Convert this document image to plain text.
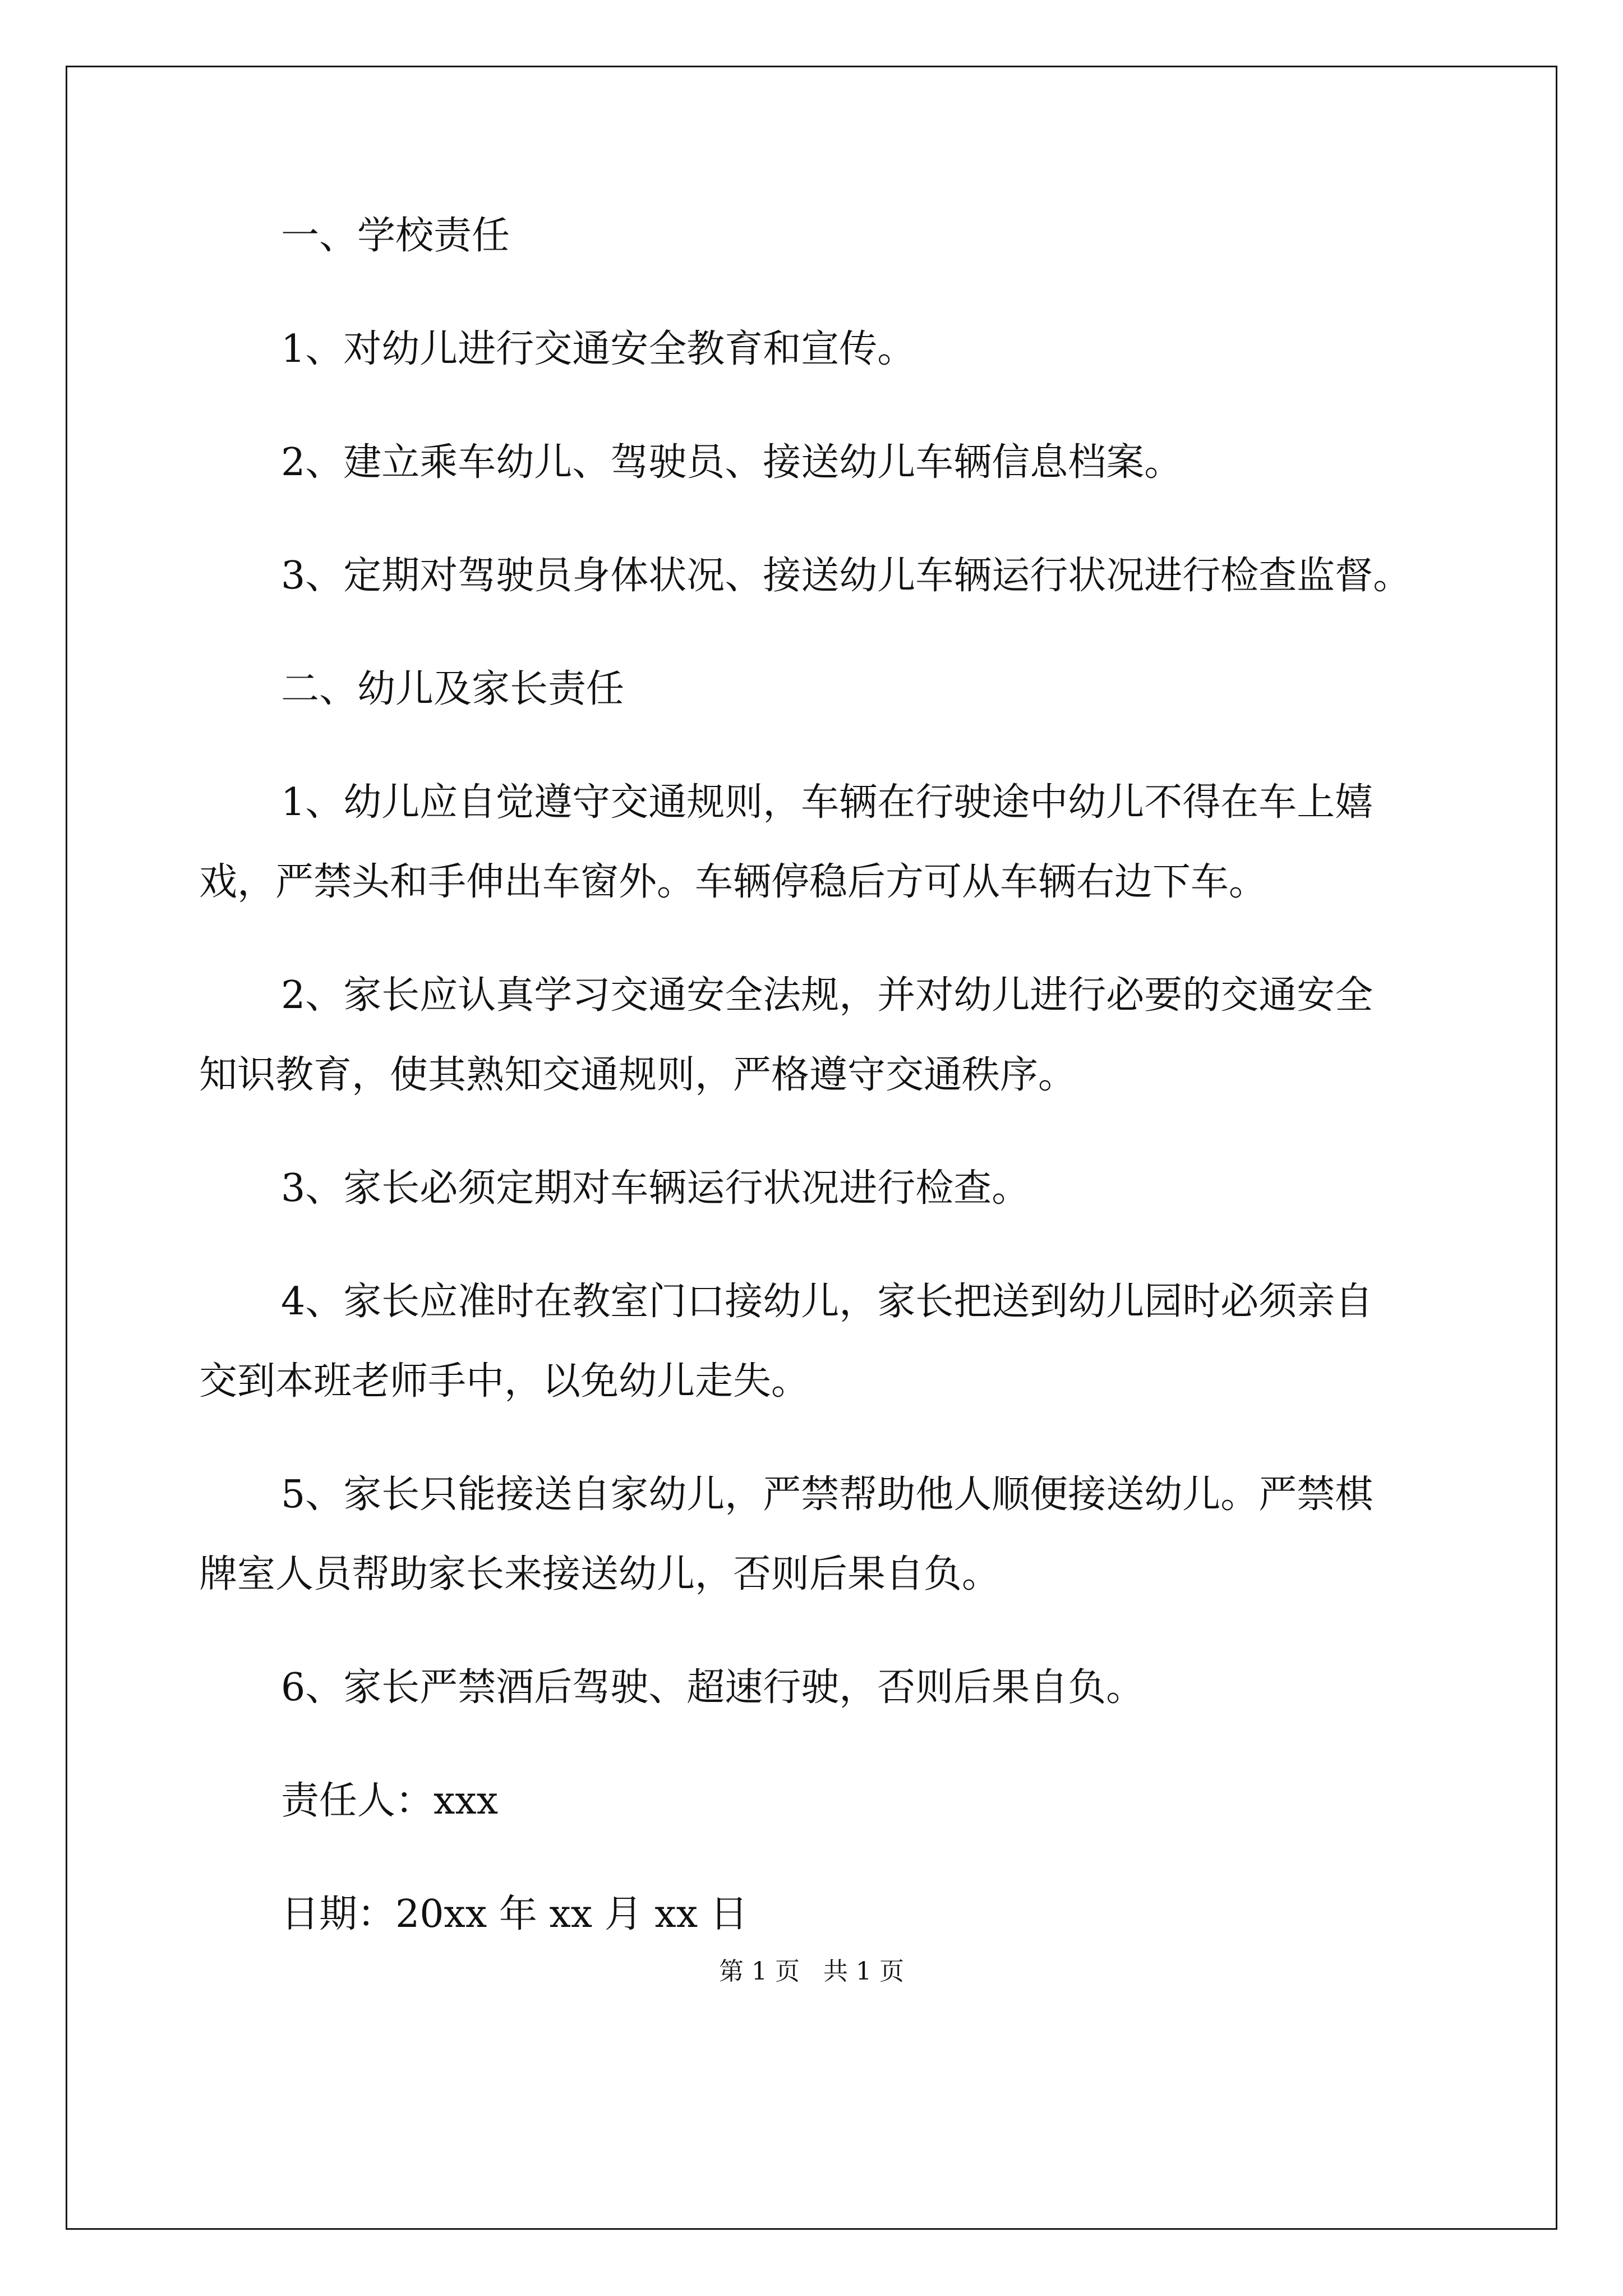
一、学校责任
1、对幼儿进行交通安全教育和宣传。
2、建立乘车幼儿、驾驶员、接送幼儿车辆信息档案。
3、定期对驾驶员身体状况、接送幼儿车辆运行状况进行检查监督。
二、幼儿及家长责任
1、幼儿应自觉遵守交通规则，车辆在行驶途中幼儿不得在车上嬉
戏，严禁头和手伸出车窗外。车辆停稳后方可从车辆右边下车。
2、家长应认真学习交通安全法规，并对幼儿进行必要的交通安全
知识教育，使其熟知交通规则，严格遵守交通秩序。
3、家长必须定期对车辆运行状况进行检查。
4、家长应准时在教室门口接幼儿，家长把送到幼儿园时必须亲自
交到本班老师手中，以免幼儿走失。
5、家长只能接送自家幼儿，严禁帮助他人顺便接送幼儿。严禁棋
牌室人员帮助家长来接送幼儿，否则后果自负。
6、家长严禁酒后驾驶、超速行驶，否则后果自负。
责任人：xxx
日期：20xx 年 xx 月 xx 日
第 1 页 共 1 页
